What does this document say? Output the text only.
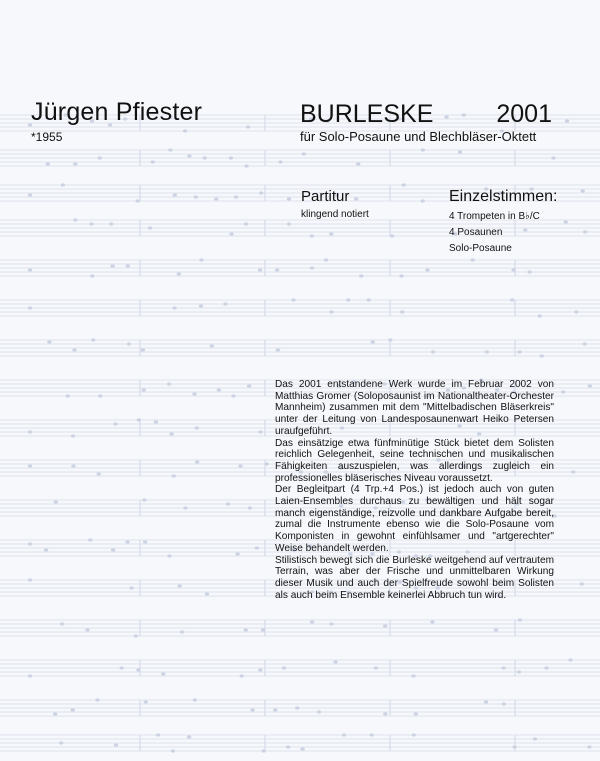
Jürgen Pfiester
*1955
BURLESKE	2001
für Solo-Posaune und Blechbläser-Oktett
Partitur
klingend notiert
Einzelstimmen:
4 Trompeten in B♭/C
4 Posaunen
Solo-Posaune

Das 2001 entstandene Werk wurde im Februar 2002 von Matthias Gromer (Soloposaunist im Nationaltheater-Orchester Mannheim) zusammen mit dem "Mittelbadischen Bläserkreis" unter der Leitung von Landesposaunenwart Heiko Petersen uraufgeführt.

Das einsätzige etwa fünfminütige Stück bietet dem Solisten reichlich Gelegenheit, seine technischen und musikalischen Fähigkeiten auszuspielen, was allerdings zugleich ein professionelles bläserisches Niveau voraussetzt.

Der Begleitpart (4 Trp.+4 Pos.) ist jedoch auch von guten Laien-Ensembles durchaus zu bewältigen und hält sogar manch eigenständige, reizvolle und dankbare Aufgabe bereit, zumal die Instrumente ebenso wie die Solo-Posaune vom Komponisten in gewohnt einfühlsamer und "artgerechter" Weise behandelt werden.

Stilistisch bewegt sich die Burleske weitgehend auf vertrautem Terrain, was aber der Frische und unmittelbaren Wirkung dieser Musik und auch der Spielfreude sowohl beim Solisten als auch beim Ensemble keinerlei Abbruch tun wird.
